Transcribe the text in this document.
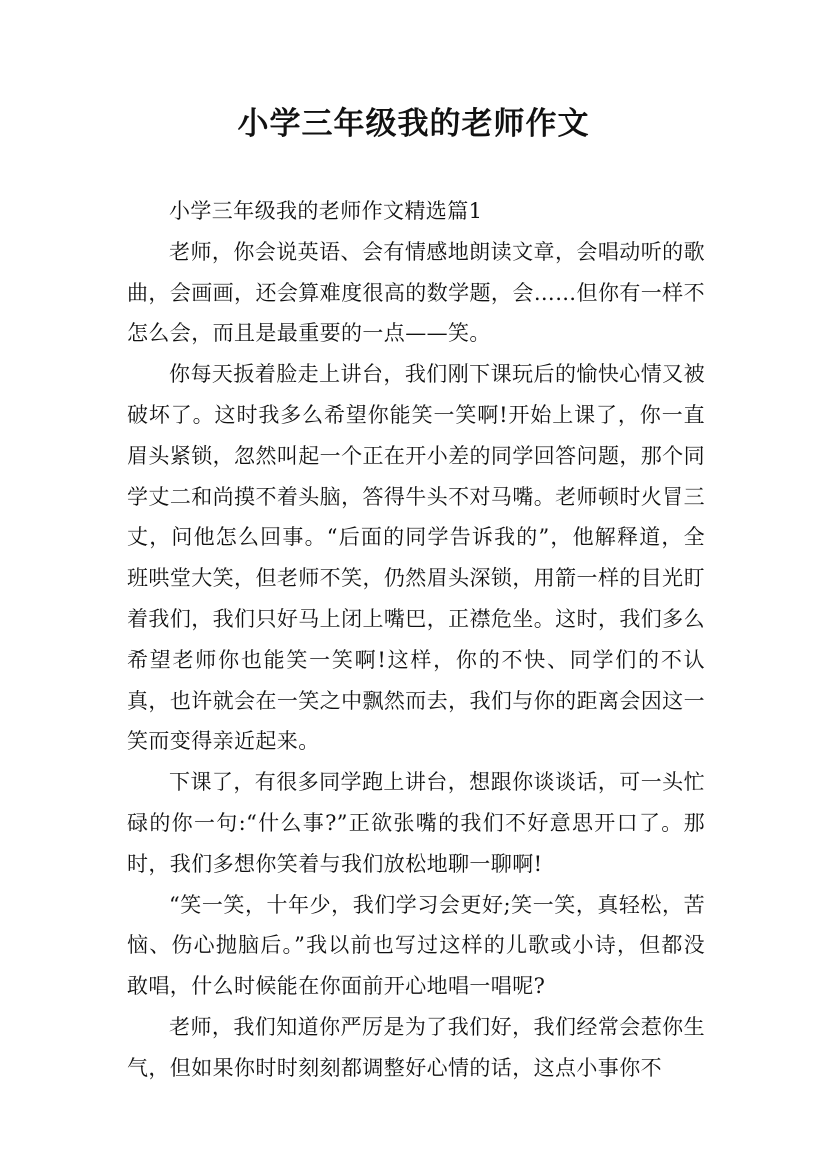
小学三年级我的老师作文

小学三年级我的老师作文精选篇1

老师，你会说英语、会有情感地朗读文章，会唱动听的歌曲，会画画，还会算难度很高的数学题，会……但你有一样不怎么会，而且是最重要的一点——笑。

你每天扳着脸走上讲台，我们刚下课玩后的愉快心情又被破坏了。这时我多么希望你能笑一笑啊!开始上课了，你一直眉头紧锁，忽然叫起一个正在开小差的同学回答问题，那个同学丈二和尚摸不着头脑，答得牛头不对马嘴。老师顿时火冒三丈，问他怎么回事。“后面的同学告诉我的”，他解释道，全班哄堂大笑，但老师不笑，仍然眉头深锁，用箭一样的目光盯着我们，我们只好马上闭上嘴巴，正襟危坐。这时，我们多么希望老师你也能笑一笑啊!这样，你的不快、同学们的不认真，也许就会在一笑之中飘然而去，我们与你的距离会因这一笑而变得亲近起来。

下课了，有很多同学跑上讲台，想跟你谈谈话，可一头忙碌的你一句:“什么事?”正欲张嘴的我们不好意思开口了。那时，我们多想你笑着与我们放松地聊一聊啊!

“笑一笑，十年少，我们学习会更好;笑一笑，真轻松，苦恼、伤心抛脑后。”我以前也写过这样的儿歌或小诗，但都没敢唱，什么时候能在你面前开心地唱一唱呢?

老师，我们知道你严厉是为了我们好，我们经常会惹你生气，但如果你时时刻刻都调整好心情的话，这点小事你不
